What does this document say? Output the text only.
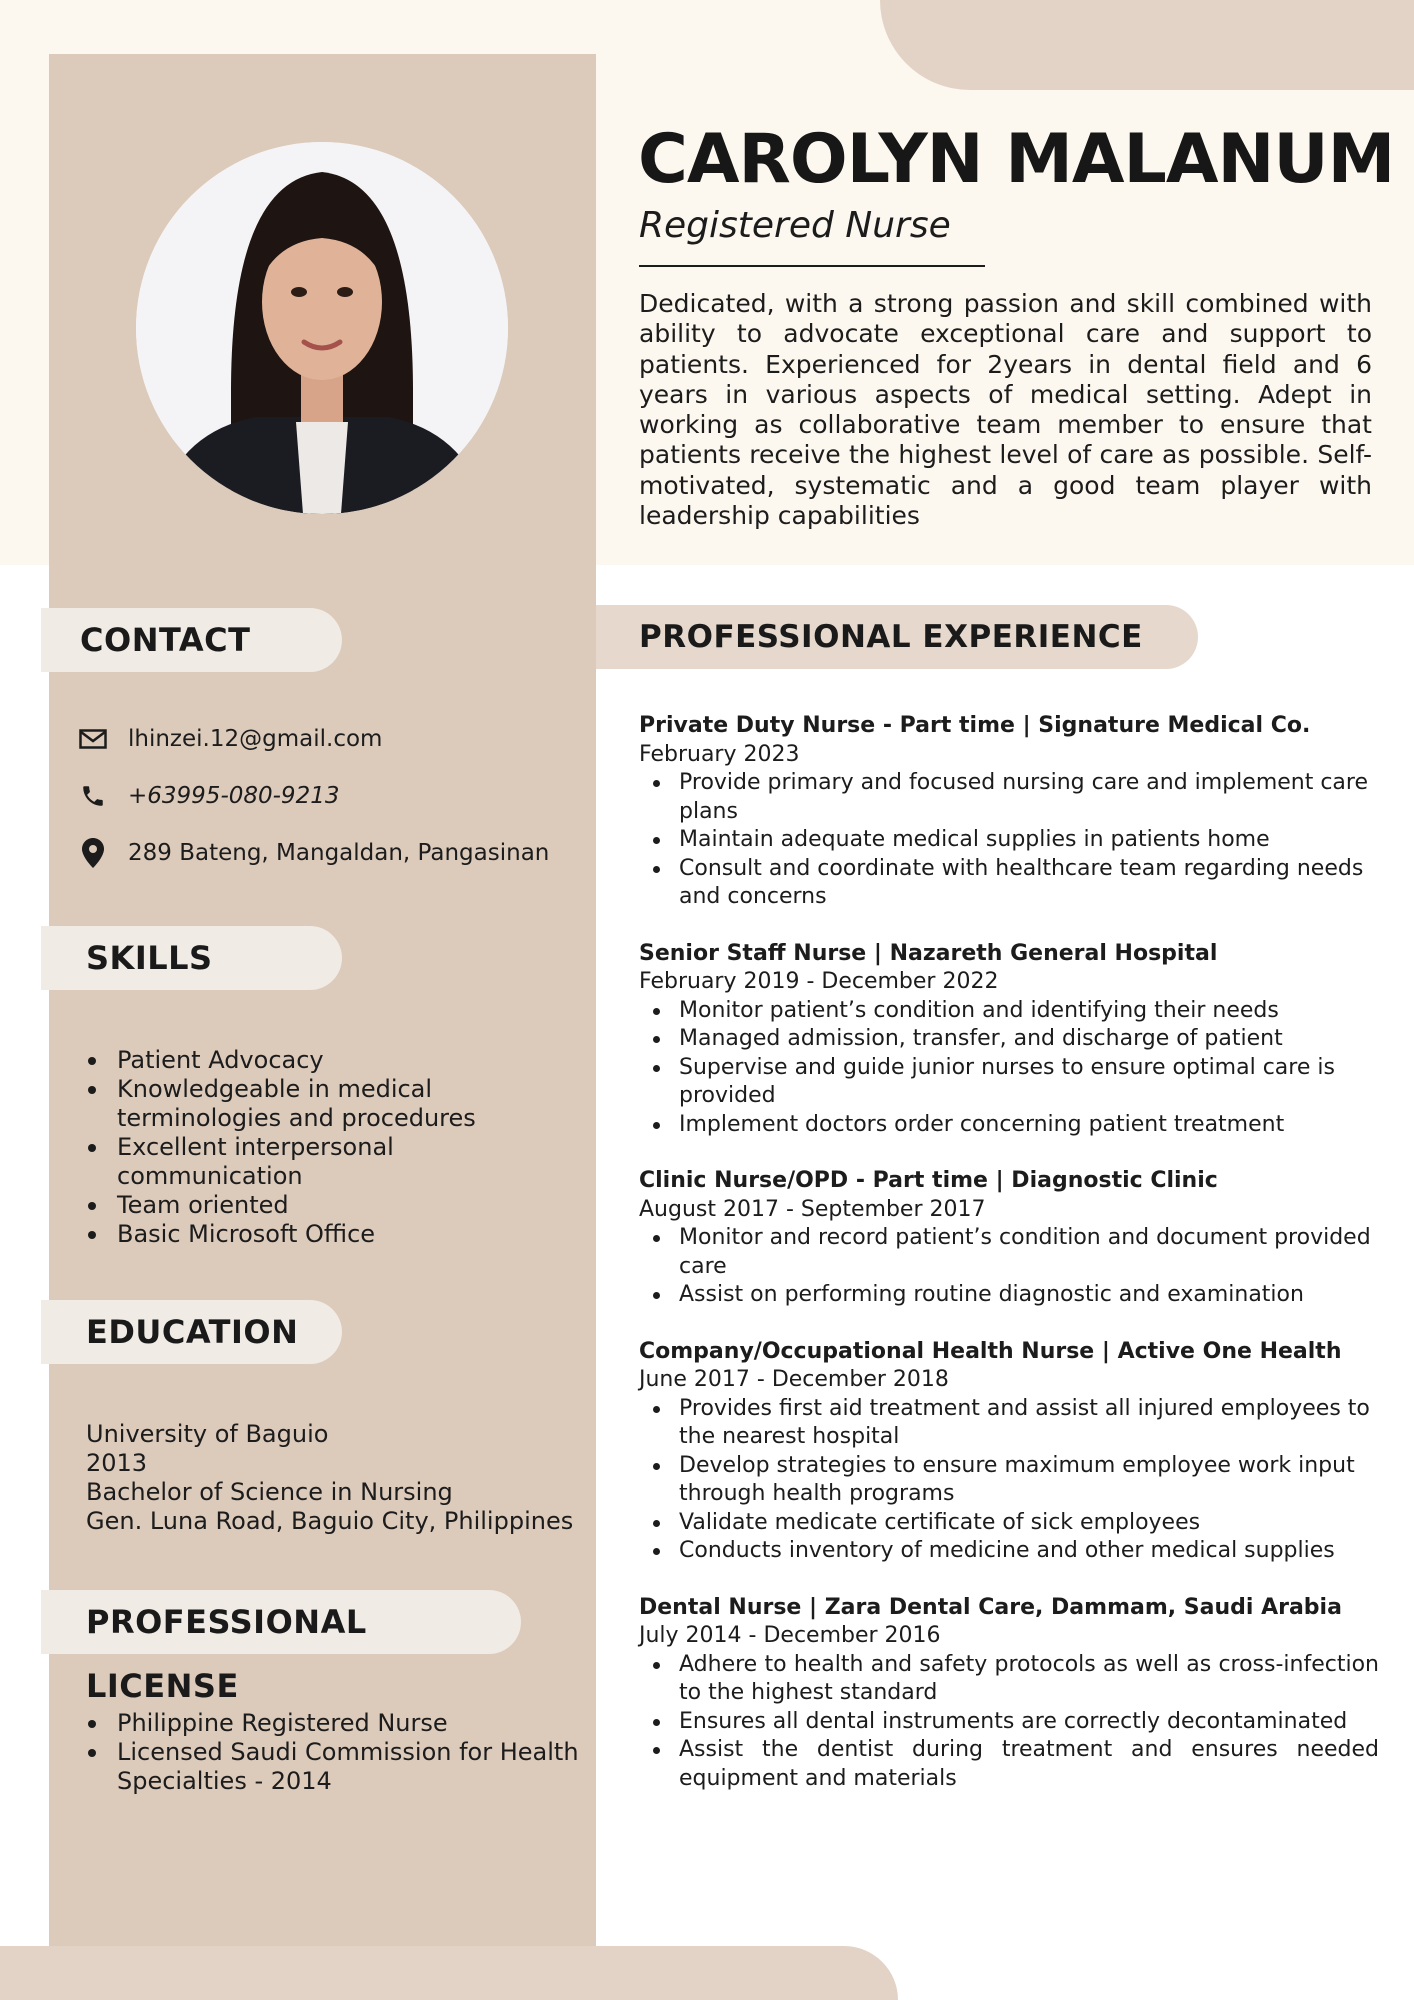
CONTACT
lhinzei.12@gmail.com
+63995-080-9213
289 Bateng, Mangaldan, Pangasinan
SKILLS
Patient Advocacy
Knowledgeable in medical terminologies and procedures
Excellent interpersonal communication
Team oriented
Basic Microsoft Office
EDUCATION
University of Baguio
2013
Bachelor of Science in Nursing
Gen. Luna Road, Baguio City, Philippines
PROFESSIONAL LICENSE
Philippine Registered Nurse
Licensed Saudi Commission for Health Specialties - 2014
CAROLYN MALANUM
Registered Nurse
Dedicated, with a strong passion and skill combined with ability to advocate exceptional care and support to patients. Experienced for 2years in dental field and 6 years in various aspects of medical setting. Adept in working as collaborative team member to ensure that patients receive the highest level of care as possible. Self-motivated, systematic and a good team player with leadership capabilities
PROFESSIONAL EXPERIENCE
Private Duty Nurse - Part time | Signature Medical Co.
February 2023
Provide primary and focused nursing care and implement care plans
Maintain adequate medical supplies in patients home
Consult and coordinate with healthcare team regarding needs and concerns
Senior Staff Nurse | Nazareth General Hospital
February 2019 - December 2022
Monitor patient’s condition and identifying their needs
Managed admission, transfer, and discharge of patient
Supervise and guide junior nurses to ensure optimal care is provided
Implement doctors order concerning patient treatment
Clinic Nurse/OPD - Part time | Diagnostic Clinic
August 2017 - September 2017
Monitor and record patient’s condition and document provided care
Assist on performing routine diagnostic and examination
Company/Occupational Health Nurse | Active One Health
June 2017 - December 2018
Provides first aid treatment and assist all injured employees to the nearest hospital
Develop strategies to ensure maximum employee work input through health programs
Validate medicate certificate of sick employees
Conducts inventory of medicine and other medical supplies
Dental Nurse | Zara Dental Care, Dammam, Saudi Arabia
July 2014 - December 2016
Adhere to health and safety protocols as well as cross-infection to the highest standard
Ensures all dental instruments are correctly decontaminated
Assist the dentist during treatment and ensures needed equipment and materials
